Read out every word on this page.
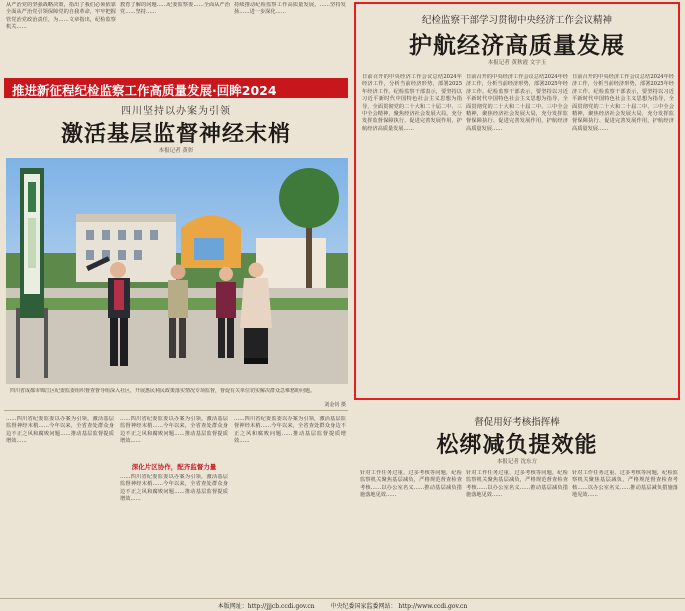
从严治党的坚强战略决策，指出了我们必须依靠全面从严治党引领保障党的自我革命，牢牢把握管党治党政治责任，为……文章指出，纪检监察机关……
教育了解的问题……纪委监察委……全面从严治党……坚持……
持续推动纪检监察工作高质量发展，……坚持发扬……进一步深化……
推进新征程纪检监察工作高质量发展·回眸2024
四川坚持以办案为引领
激活基层监督神经末梢
本报记者 黄彰
四川省成都市锦江区纪委监委组织督查督导组深入社区，开展惠民利民政策落实情况专项监督，督促有关单位切实解决群众急难愁盼问题。
刘金钊 摄
……四川省纪委监委以办案为引领，激活基层监督神经末梢……今年以来，全省查处群众身边不正之风和腐败问题……推动基层监督提质增效……
……四川省纪委监委以办案为引领，激活基层监督神经末梢……今年以来，全省查处群众身边不正之风和腐败问题……推动基层监督提质增效……
深化片区协作，配齐监督力量
……四川省纪委监委以办案为引领，激活基层监督神经末梢……今年以来，全省查处群众身边不正之风和腐败问题……推动基层监督提质增效……
……四川省纪委监委以办案为引领，激活基层监督神经末梢……今年以来，全省查处群众身边不正之风和腐败问题……推动基层监督提质增效……
纪检监察干部学习贯彻中央经济工作会议精神
护航经济高质量发展
本报记者 黄秋霞 文字玉
日前召开的中央经济工作会议总结2024年经济工作，分析当前经济形势，部署2025年经济工作。纪检监察干部表示，要坚持以习近平新时代中国特色社会主义思想为指导，全面贯彻党的二十大和二十届二中、三中全会精神，聚焦经济社会发展大局，充分发挥监督保障执行、促进完善发展作用，护航经济高质量发展……
日前召开的中央经济工作会议总结2024年经济工作，分析当前经济形势，部署2025年经济工作。纪检监察干部表示，要坚持以习近平新时代中国特色社会主义思想为指导，全面贯彻党的二十大和二十届二中、三中全会精神，聚焦经济社会发展大局，充分发挥监督保障执行、促进完善发展作用，护航经济高质量发展……
日前召开的中央经济工作会议总结2024年经济工作，分析当前经济形势，部署2025年经济工作。纪检监察干部表示，要坚持以习近平新时代中国特色社会主义思想为指导，全面贯彻党的二十大和二十届二中、三中全会精神，聚焦经济社会发展大局，充分发挥监督保障执行、促进完善发展作用，护航经济高质量发展……
督促用好考核指挥棒
松绑减负提效能
本报记者 沈东方
针对工作任务过重、过多考核等问题，纪检监察机关聚焦基层减负，严格规范督查检查考核……以办公室名义……推动基层减负措施落地见效……
针对工作任务过重、过多考核等问题，纪检监察机关聚焦基层减负，严格规范督查检查考核……以办公室名义……推动基层减负措施落地见效……
针对工作任务过重、过多考核等问题，纪检监察机关聚焦基层减负，严格规范督查检查考核……以办公室名义……推动基层减负措施落地见效……
本版网址：http://jjjcb.ccdi.gov.cn	中央纪委国家监委网站： http://www.ccdi.gov.cn
